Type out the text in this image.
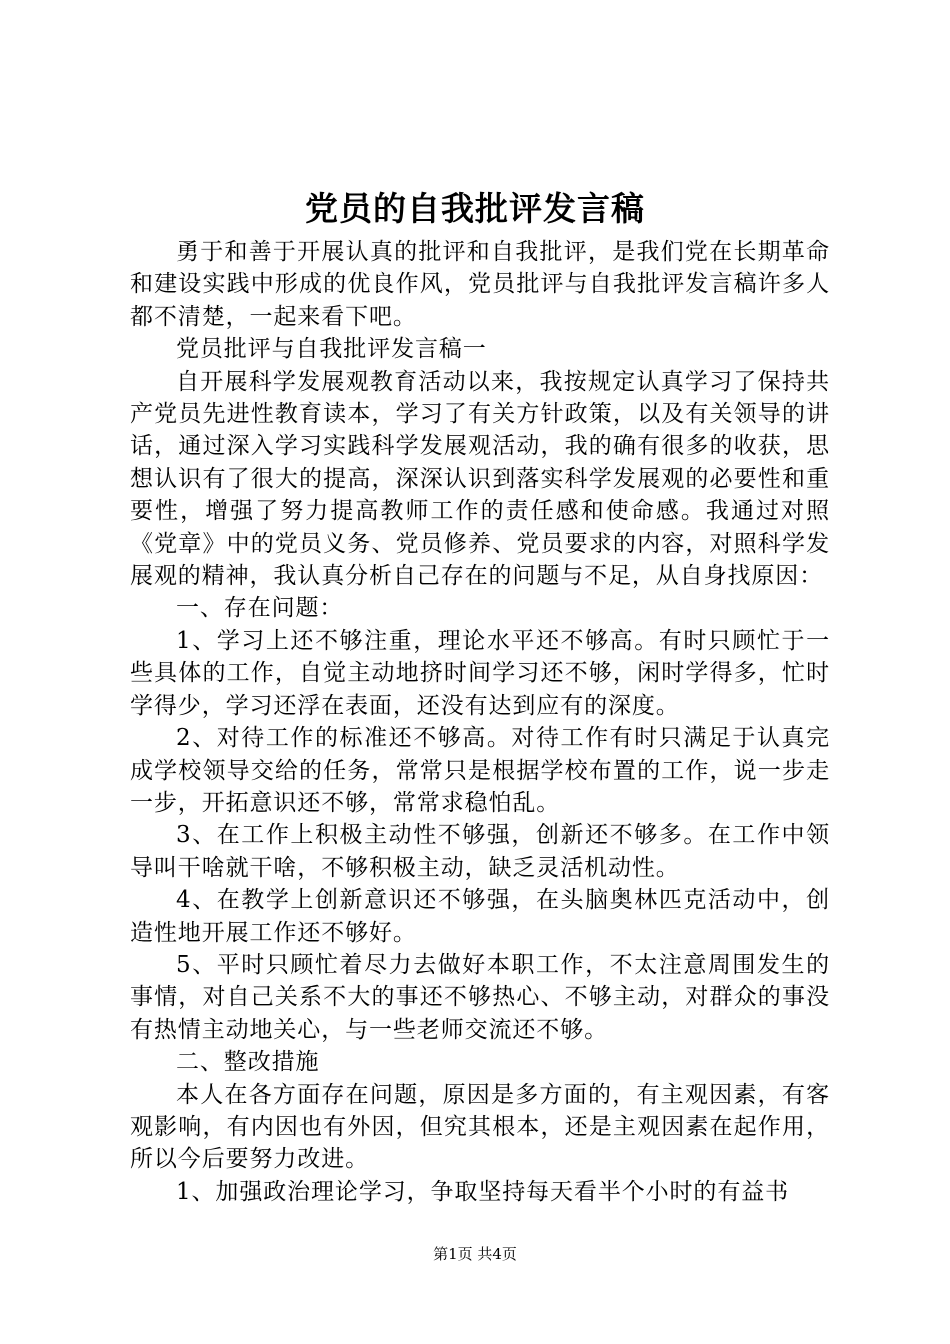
党员的自我批评发言稿

勇于和善于开展认真的批评和自我批评，是我们党在长期革命和建设实践中形成的优良作风，党员批评与自我批评发言稿许多人都不清楚，一起来看下吧。

党员批评与自我批评发言稿一

自开展科学发展观教育活动以来，我按规定认真学习了保持共产党员先进性教育读本，学习了有关方针政策，以及有关领导的讲话，通过深入学习实践科学发展观活动，我的确有很多的收获，思想认识有了很大的提高，深深认识到落实科学发展观的必要性和重要性，增强了努力提高教师工作的责任感和使命感。我通过对照《党章》中的党员义务、党员修养、党员要求的内容，对照科学发展观的精神，我认真分析自己存在的问题与不足，从自身找原因：

一、存在问题：

1、学习上还不够注重，理论水平还不够高。有时只顾忙于一些具体的工作，自觉主动地挤时间学习还不够，闲时学得多，忙时学得少，学习还浮在表面，还没有达到应有的深度。

2、对待工作的标准还不够高。对待工作有时只满足于认真完成学校领导交给的任务，常常只是根据学校布置的工作，说一步走一步，开拓意识还不够，常常求稳怕乱。

3、在工作上积极主动性不够强，创新还不够多。在工作中领导叫干啥就干啥，不够积极主动，缺乏灵活机动性。

4、在教学上创新意识还不够强，在头脑奥林匹克活动中，创造性地开展工作还不够好。

5、平时只顾忙着尽力去做好本职工作，不太注意周围发生的事情，对自己关系不大的事还不够热心、不够主动，对群众的事没有热情主动地关心，与一些老师交流还不够。

二、整改措施

本人在各方面存在问题，原因是多方面的，有主观因素，有客观影响，有内因也有外因，但究其根本，还是主观因素在起作用，所以今后要努力改进。

1、加强政治理论学习，争取坚持每天看半个小时的有益书

第1页 共4页
